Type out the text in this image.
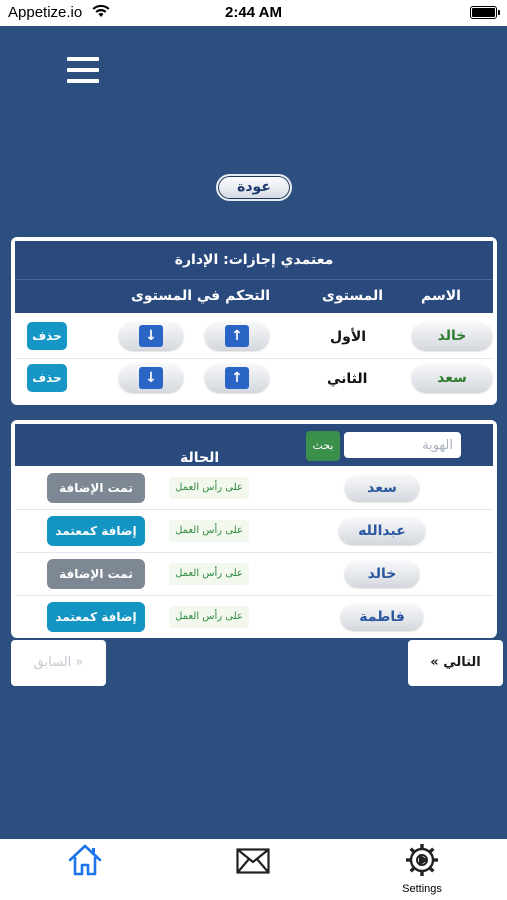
Appetize.io	2:44 AM
عودة
معتمدي إجازات: الإدارة
الاسم
المستوى
التحكم في المستوى
خالد
الأول
↑
↓
حذف
سعد
الثاني
↑
↓
حذف
الحالة
الهوية
بحث
سعد
على رأس العمل
تمت الإضافة
عبدالله
على رأس العمل
إضافة كمعتمد
خالد
على رأس العمل
تمت الإضافة
فاطمة
على رأس العمل
إضافة كمعتمد
السابق »	« التالي
Settings
